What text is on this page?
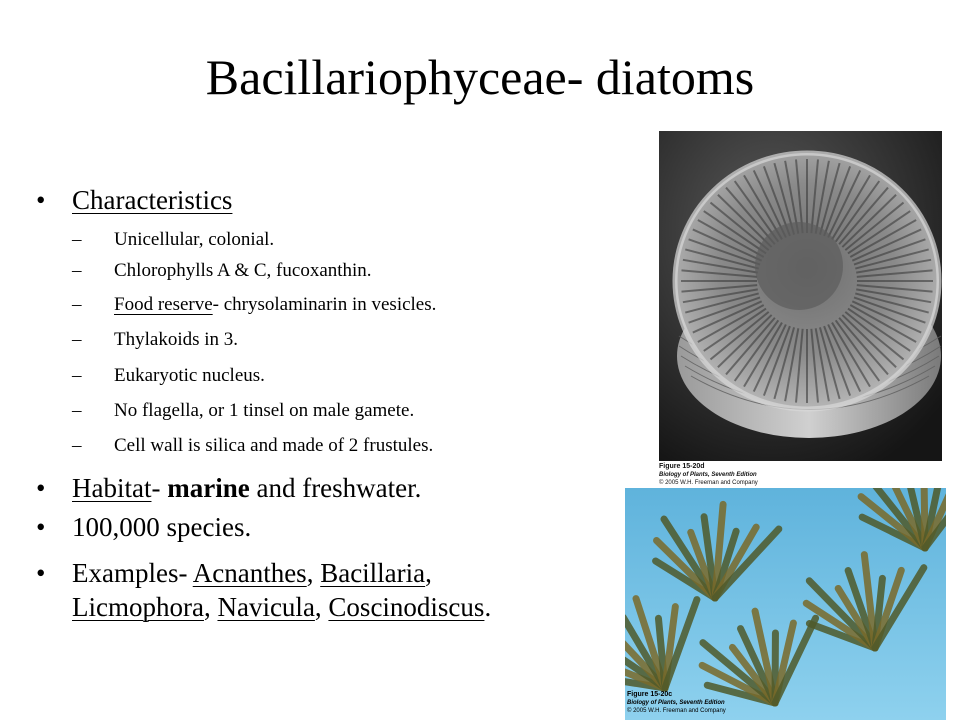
Bacillariophyceae- diatoms
• Characteristics
– Unicellular, colonial.
– Chlorophylls A & C, fucoxanthin.
– Food reserve- chrysolaminarin in vesicles.
– Thylakoids in 3.
– Eukaryotic nucleus.
– No flagella, or 1 tinsel on male gamete.
– Cell wall is silica and made of 2 frustules.
• Habitat- marine and freshwater.
• 100,000 species.
• Examples- Acnanthes, Bacillaria,
Licmophora, Navicula, Coscinodiscus.
Figure 15-20d
Biology of Plants, Seventh Edition
© 2005 W.H. Freeman and Company
Figure 15-20c
Biology of Plants, Seventh Edition
© 2005 W.H. Freeman and Company
